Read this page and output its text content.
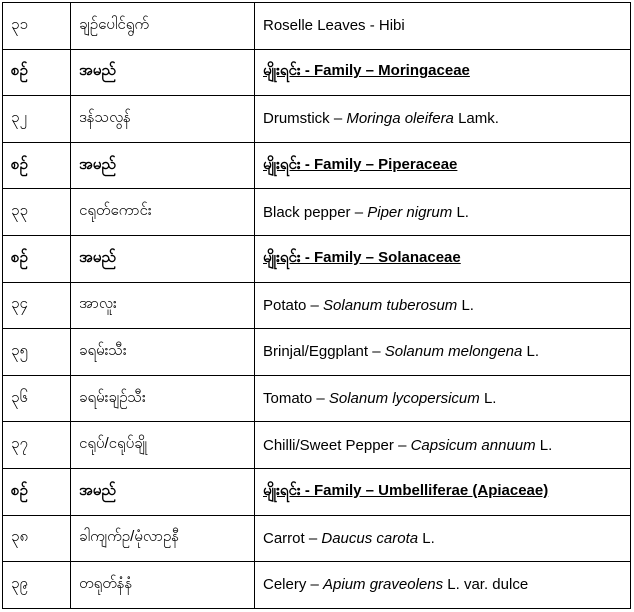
၃၁	ချဉ်ပေါင်ရွက်	Roselle Leaves - Hibi
စဉ်	အမည်	မျိုးရင်း - Family – Moringaceae
၃၂	ဒန်သလွန်	Drumstick – Moringa oleifera Lamk.
စဉ်	အမည်	မျိုးရင်း - Family – Piperaceae
၃၃	ငရုတ်ကောင်း	Black pepper – Piper nigrum L.
စဉ်	အမည်	မျိုးရင်း - Family – Solanaceae
၃၄	အာလူး	Potato – Solanum tuberosum L.
၃၅	ခရမ်းသီး	Brinjal/Eggplant – Solanum melongena L.
၃၆	ခရမ်းချဉ်သီး	Tomato – Solanum lycopersicum L.
၃၇	ငရုပ်/ငရုပ်ချို	Chilli/Sweet Pepper – Capsicum annuum L.
စဉ်	အမည်	မျိုးရင်း - Family – Umbelliferae (Apiaceae)
၃၈	ခါကျက်ဥ/မုံလာဥနီ	Carrot – Daucus carota L.
၃၉	တရုတ်နံနံ	Celery – Apium graveolens L. var. dulce
